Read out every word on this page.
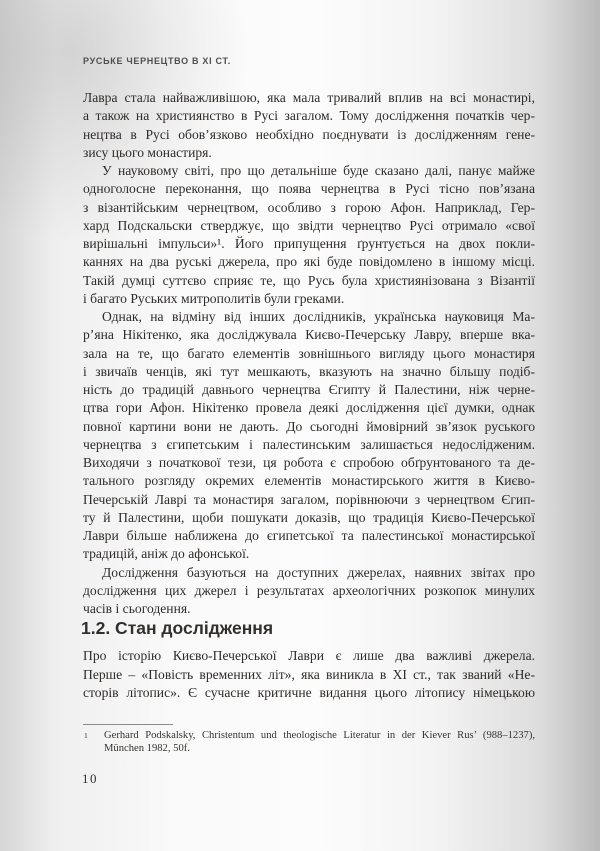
РУСЬКЕ ЧЕРНЕЦТВО В XI СТ.
Лавра стала найважливішою, яка мала тривалий вплив на всі монастирі,
а також на християнство в Русі загалом. Тому дослідження початків чер-
нецтва в Русі обов’язково необхідно поєднувати із дослідженням гене-
зису цього монастиря.
У науковому світі, про що детальніше буде сказано далі, панує майже
одноголосне переконання, що поява чернецтва в Русі тісно пов’язана
з візантійським чернецтвом, особливо з горою Афон. Наприклад, Гер-
хард Подскальски стверджує, що звідти чернецтво Русі отримало «свої
вирішальні імпульси»¹. Його припущення ґрунтується на двох покли-
каннях на два руські джерела, про які буде повідомлено в іншому місці.
Такій думці суттєво сприяє те, що Русь була християнізована з Візантії
і багато Руських митрополитів були греками.
Однак, на відміну від інших дослідників, українська науковиця Ма-
р’яна Нікітенко, яка досліджувала Києво-Печерську Лавру, вперше вка-
зала на те, що багато елементів зовнішнього вигляду цього монастиря
і звичаїв ченців, які тут мешкають, вказують на значно більшу подіб-
ність до традицій давнього чернецтва Єгипту й Палестини, ніж черне-
цтва гори Афон. Нікітенко провела деякі дослідження цієї думки, однак
повної картини вони не дають. До сьогодні ймовірний зв’язок руського
чернецтва з єгипетським і палестинським залишається недослідженим.
Виходячи з початкової тези, ця робота є спробою обґрунтованого та де-
тального розгляду окремих елементів монастирського життя в Києво-
Печерській Лаврі та монастиря загалом, порівнюючи з чернецтвом Єгип-
ту й Палестини, щоби пошукати доказів, що традиція Києво-Печерської
Лаври більше наближена до єгипетської та палестинської монастирської
традицій, аніж до афонської.
Дослідження базуються на доступних джерелах, наявних звітах про
дослідження цих джерел і результатах археологічних розкопок минулих
часів і сьогодення.
1.2. Стан дослідження
Про історію Києво-Печерської Лаври є лише два важливі джерела.
Перше – «Повість временних літ», яка виникла в XI ст., так званий «Не-
сторів літопис». Є сучасне критичне видання цього літопису німецькою
1 Gerhard Podskalsky, Christentum und theologische Literatur in der Kiever Rus’ (988–1237),
München 1982, 50f.
10
